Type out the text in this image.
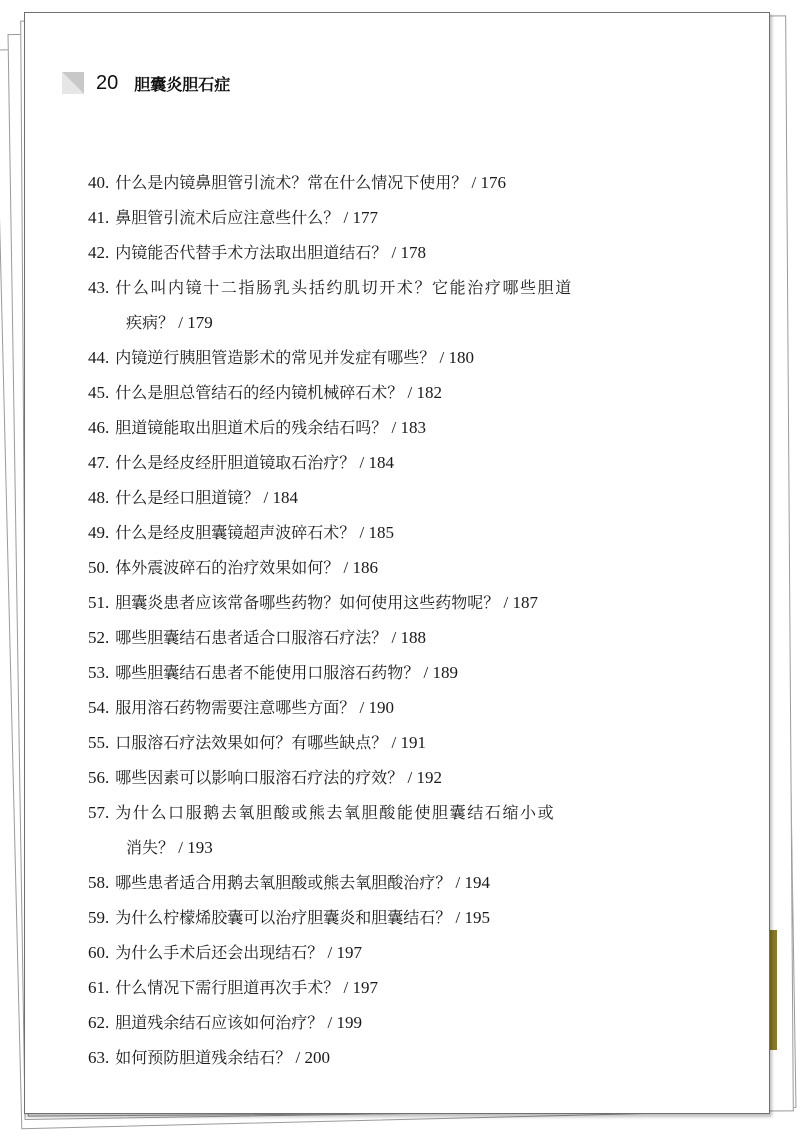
20 胆囊炎胆石症
40. 什么是内镜鼻胆管引流术？常在什么情况下使用？ / 176
41. 鼻胆管引流术后应注意些什么？ / 177
42. 内镜能否代替手术方法取出胆道结石？ / 178
43. 什么叫内镜十二指肠乳头括约肌切开术？它能治疗哪些胆道
疾病？ / 179
44. 内镜逆行胰胆管造影术的常见并发症有哪些？ / 180
45. 什么是胆总管结石的经内镜机械碎石术？ / 182
46. 胆道镜能取出胆道术后的残余结石吗？ / 183
47. 什么是经皮经肝胆道镜取石治疗？ / 184
48. 什么是经口胆道镜？ / 184
49. 什么是经皮胆囊镜超声波碎石术？ / 185
50. 体外震波碎石的治疗效果如何？ / 186
51. 胆囊炎患者应该常备哪些药物？如何使用这些药物呢？ / 187
52. 哪些胆囊结石患者适合口服溶石疗法？ / 188
53. 哪些胆囊结石患者不能使用口服溶石药物？ / 189
54. 服用溶石药物需要注意哪些方面？ / 190
55. 口服溶石疗法效果如何？有哪些缺点？ / 191
56. 哪些因素可以影响口服溶石疗法的疗效？ / 192
57. 为什么口服鹅去氧胆酸或熊去氧胆酸能使胆囊结石缩小或
消失？ / 193
58. 哪些患者适合用鹅去氧胆酸或熊去氧胆酸治疗？ / 194
59. 为什么柠檬烯胶囊可以治疗胆囊炎和胆囊结石？ / 195
60. 为什么手术后还会出现结石？ / 197
61. 什么情况下需行胆道再次手术？ / 197
62. 胆道残余结石应该如何治疗？ / 199
63. 如何预防胆道残余结石？ / 200
